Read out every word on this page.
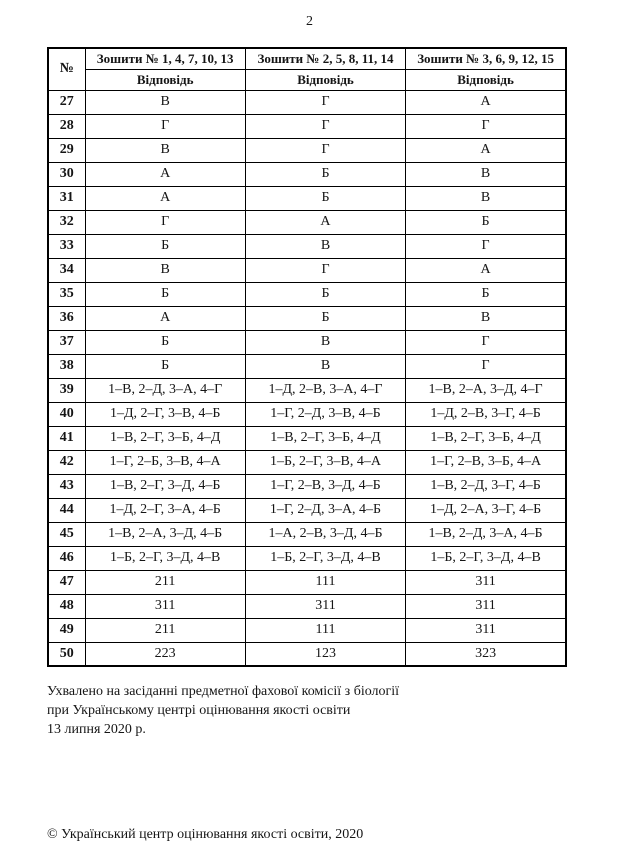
2
№	Зошити № 1, 4, 7, 10, 13	Зошити № 2, 5, 8, 11, 14	Зошити № 3, 6, 9, 12, 15
	Відповідь	Відповідь	Відповідь
27	В	Г	А
28	Г	Г	Г
29	В	Г	А
30	А	Б	В
31	А	Б	В
32	Г	А	Б
33	Б	В	Г
34	В	Г	А
35	Б	Б	Б
36	А	Б	В
37	Б	В	Г
38	Б	В	Г
39	1–В, 2–Д, 3–А, 4–Г	1–Д, 2–В, 3–А, 4–Г	1–В, 2–А, 3–Д, 4–Г
40	1–Д, 2–Г, 3–В, 4–Б	1–Г, 2–Д, 3–В, 4–Б	1–Д, 2–В, 3–Г, 4–Б
41	1–В, 2–Г, 3–Б, 4–Д	1–В, 2–Г, 3–Б, 4–Д	1–В, 2–Г, 3–Б, 4–Д
42	1–Г, 2–Б, 3–В, 4–А	1–Б, 2–Г, 3–В, 4–А	1–Г, 2–В, 3–Б, 4–А
43	1–В, 2–Г, 3–Д, 4–Б	1–Г, 2–В, 3–Д, 4–Б	1–В, 2–Д, 3–Г, 4–Б
44	1–Д, 2–Г, 3–А, 4–Б	1–Г, 2–Д, 3–А, 4–Б	1–Д, 2–А, 3–Г, 4–Б
45	1–В, 2–А, 3–Д, 4–Б	1–А, 2–В, 3–Д, 4–Б	1–В, 2–Д, 3–А, 4–Б
46	1–Б, 2–Г, 3–Д, 4–В	1–Б, 2–Г, 3–Д, 4–В	1–Б, 2–Г, 3–Д, 4–В
47	211	111	311
48	311	311	311
49	211	111	311
50	223	123	323
Ухвалено на засіданні предметної фахової комісії з біології
при Українському центрі оцінювання якості освіти
13 липня 2020 р.
© Український центр оцінювання якості освіти, 2020
